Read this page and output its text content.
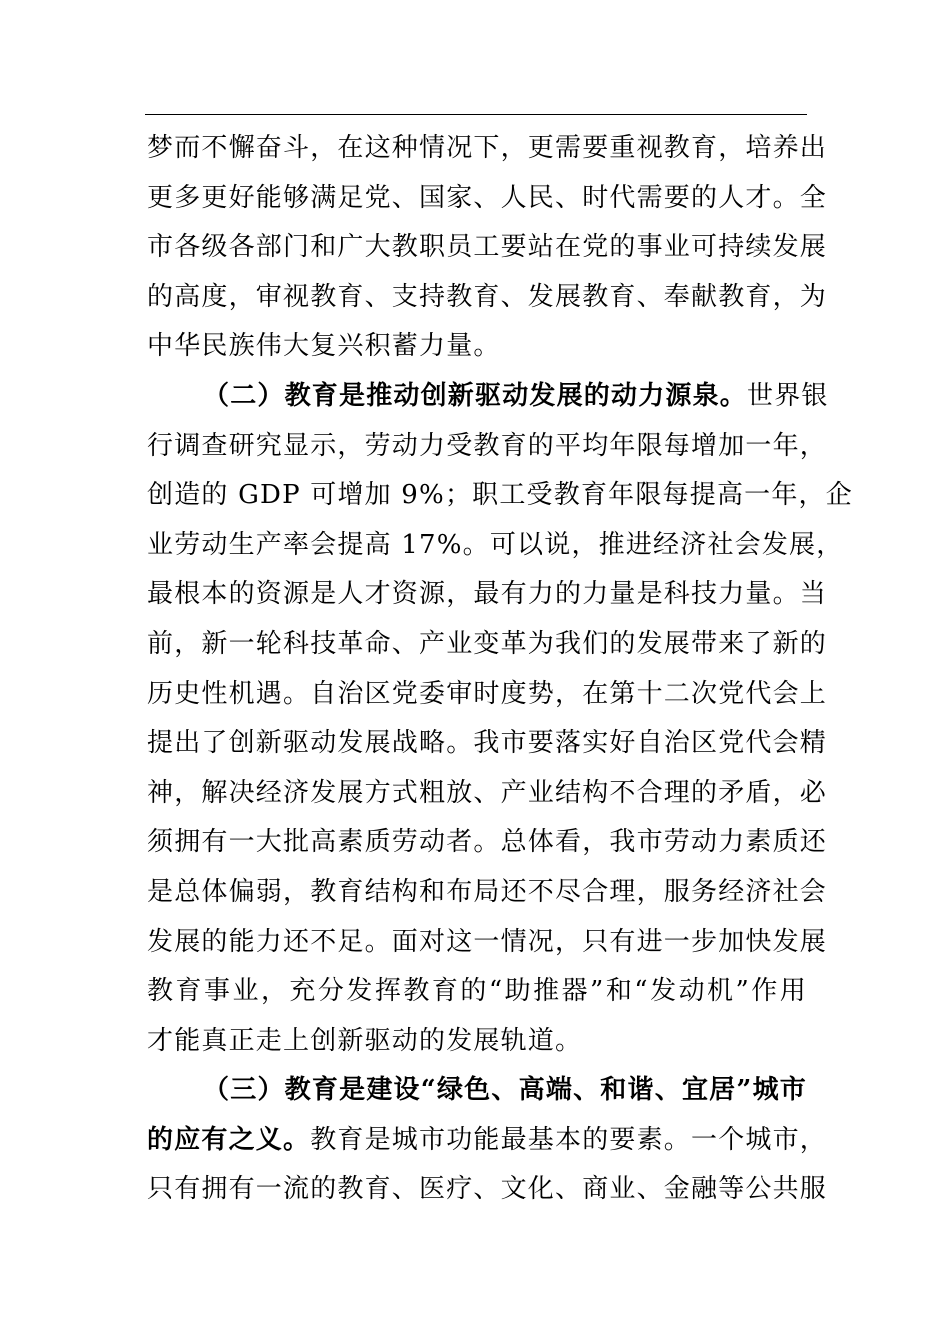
梦而不懈奋斗，在这种情况下，更需要重视教育，培养出
更多更好能够满足党、国家、人民、时代需要的人才。全
市各级各部门和广大教职员工要站在党的事业可持续发展
的高度，审视教育、支持教育、发展教育、奉献教育，为
中华民族伟大复兴积蓄力量。
（二）教育是推动创新驱动发展的动力源泉。世界银
行调查研究显示，劳动力受教育的平均年限每增加一年，
创造的 GDP 可增加 9%；职工受教育年限每提高一年，企
业劳动生产率会提高 17%。可以说，推进经济社会发展，
最根本的资源是人才资源，最有力的力量是科技力量。当
前，新一轮科技革命、产业变革为我们的发展带来了新的
历史性机遇。自治区党委审时度势，在第十二次党代会上
提出了创新驱动发展战略。我市要落实好自治区党代会精
神，解决经济发展方式粗放、产业结构不合理的矛盾，必
须拥有一大批高素质劳动者。总体看，我市劳动力素质还
是总体偏弱，教育结构和布局还不尽合理，服务经济社会
发展的能力还不足。面对这一情况，只有进一步加快发展
教育事业，充分发挥教育的“助推器”和“发动机”作用
才能真正走上创新驱动的发展轨道。
（三）教育是建设“绿色、高端、和谐、宜居”城市
的应有之义。教育是城市功能最基本的要素。一个城市，
只有拥有一流的教育、医疗、文化、商业、金融等公共服
